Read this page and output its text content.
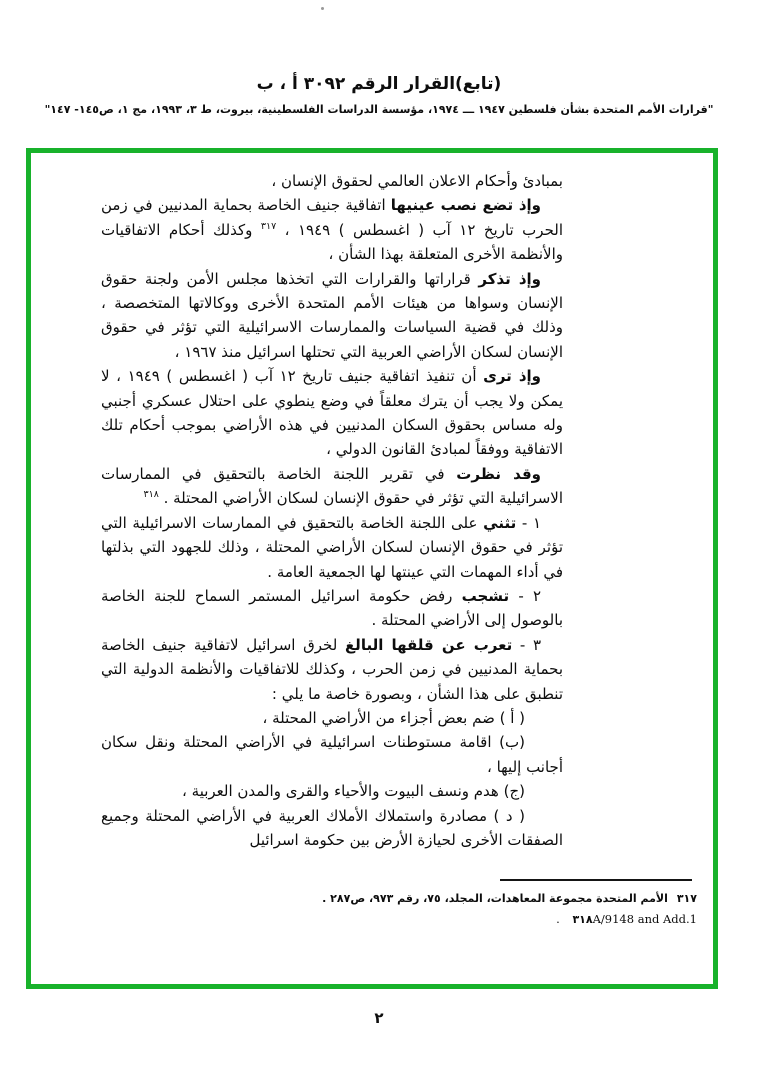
(تابع)القرار الرقم ٣٠٩٢ أ ، ب
"قرارات الأمم المتحدة بشأن فلسطين ١٩٤٧ ـــ ١٩٧٤، مؤسسة الدراسات الفلسطينية، بيروت، ط ٣، ١٩٩٣، مج ١، ص١٤٥- ١٤٧"

بمبادئ وأحكام الاعلان العالمي لحقوق الإنسان ،

وإذ تضع نصب عينيها اتفاقية جنيف الخاصة بحماية المدنيين في زمن الحرب تاريخ ١٢ آب ( اغسطس ) ١٩٤٩ ، $^{٣١٧}$ وكذلك أحكام الاتفاقيات والأنظمة الأخرى المتعلقة بهذا الشأن ،

وإذ تذكر قراراتها والقرارات التي اتخذها مجلس الأمن ولجنة حقوق الإنسان وسواها من هيئات الأمم المتحدة الأخرى ووكالاتها المتخصصة ، وذلك في قضية السياسات والممارسات الاسرائيلية التي تؤثر في حقوق الإنسان لسكان الأراضي العربية التي تحتلها اسرائيل منذ ١٩٦٧ ،

وإذ ترى أن تنفيذ اتفاقية جنيف تاريخ ١٢ آب ( اغسطس ) ١٩٤٩ ، لا يمكن ولا يجب أن يترك معلقاً في وضع ينطوي على احتلال عسكري أجنبي وله مساس بحقوق السكان المدنيين في هذه الأراضي بموجب أحكام تلك الاتفاقية ووفقاً لمبادئ القانون الدولي ،

وقد نظرت في تقرير اللجنة الخاصة بالتحقيق في الممارسات الاسرائيلية التي تؤثر في حقوق الإنسان لسكان الأراضي المحتلة . $^{٣١٨}$

١ - تثني على اللجنة الخاصة بالتحقيق في الممارسات الاسرائيلية التي تؤثر في حقوق الإنسان لسكان الأراضي المحتلة ، وذلك للجهود التي بذلتها في أداء المهمات التي عينتها لها الجمعية العامة .

٢ - تشجب رفض حكومة اسرائيل المستمر السماح للجنة الخاصة بالوصول إلى الأراضي المحتلة .

٣ - تعرب عن قلقها البالغ لخرق اسرائيل لاتفاقية جنيف الخاصة بحماية المدنيين في زمن الحرب ، وكذلك للاتفاقيات والأنظمة الدولية التي تنطبق على هذا الشأن ، وبصورة خاصة ما يلي :

( أ ) ضم بعض أجزاء من الأراضي المحتلة ،

(ب) اقامة مستوطنات اسرائيلية في الأراضي المحتلة ونقل سكان أجانب إليها ،

(ج) هدم ونسف البيوت والأحياء والقرى والمدن العربية ،

( د ) مصادرة واستملاك الأملاك العربية في الأراضي المحتلة وجميع الصفقات الأخرى لحيازة الأرض بين حكومة اسرائيل

٣١٧الأمم المتحدة مجموعة المعاهدات، المجلد، ٧٥، رقم ٩٧٣، ص٢٨٧ .
٣١٨A/9148 and Add.1 .
٢
